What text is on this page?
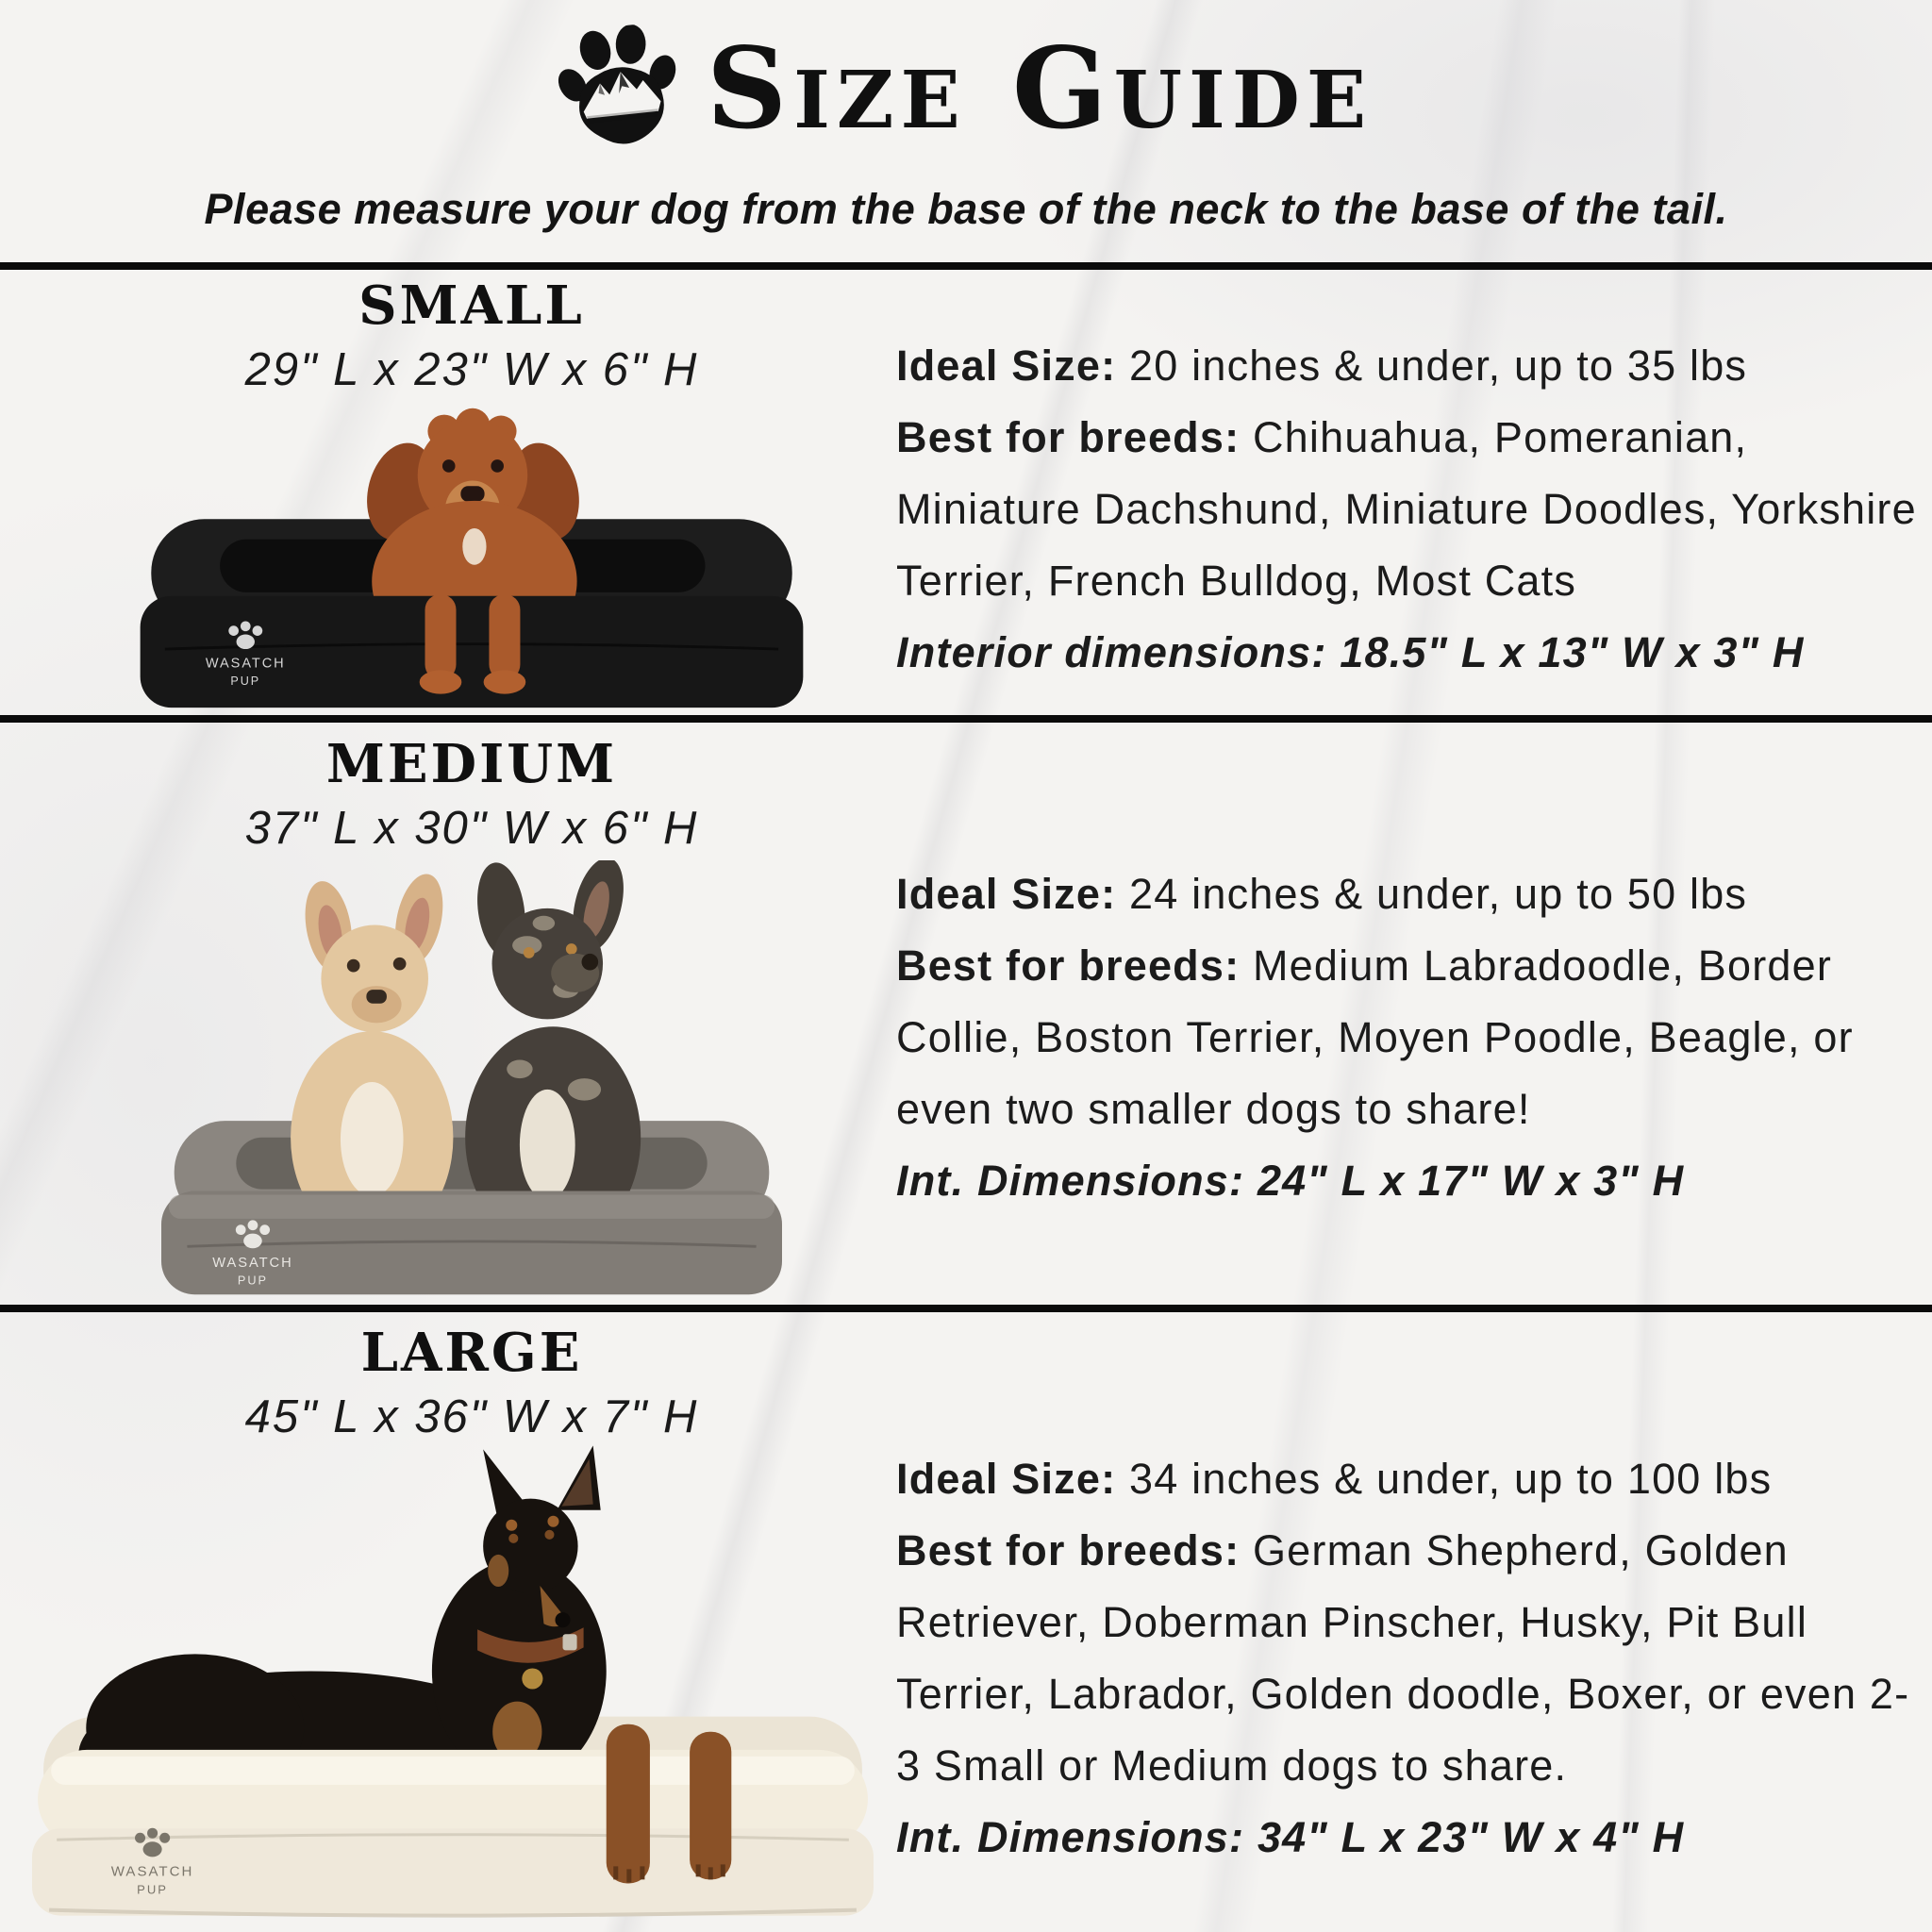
Size Guide
Please measure your dog from the base of the neck to the base of the tail.
SMALL
29" L x 23" W x 6" H
WASATCH
PUP

Ideal Size: 20 inches & under, up to 35 lbs

Best for breeds: Chihuahua, Pomeranian, Miniature Dachshund, Miniature Doodles, Yorkshire Terrier, French Bulldog, Most Cats

Interior dimensions: 18.5" L x 13" W x 3" H

MEDIUM
37" L x 30" W x 6" H
WASATCH
PUP

Ideal Size: 24 inches & under, up to 50 lbs

Best for breeds: Medium Labradoodle, Border Collie, Boston Terrier, Moyen Poodle, Beagle, or even two smaller dogs to share!

Int. Dimensions: 24" L x 17" W x 3" H

LARGE
45" L x 36" W x 7" H
WASATCH
PUP

Ideal Size: 34 inches & under, up to 100 lbs

Best for breeds: German Shepherd, Golden Retriever, Doberman Pinscher, Husky, Pit Bull Terrier, Labrador, Golden doodle, Boxer, or even 2-3 Small or Medium dogs to share.

Int. Dimensions: 34" L x 23" W x 4" H
